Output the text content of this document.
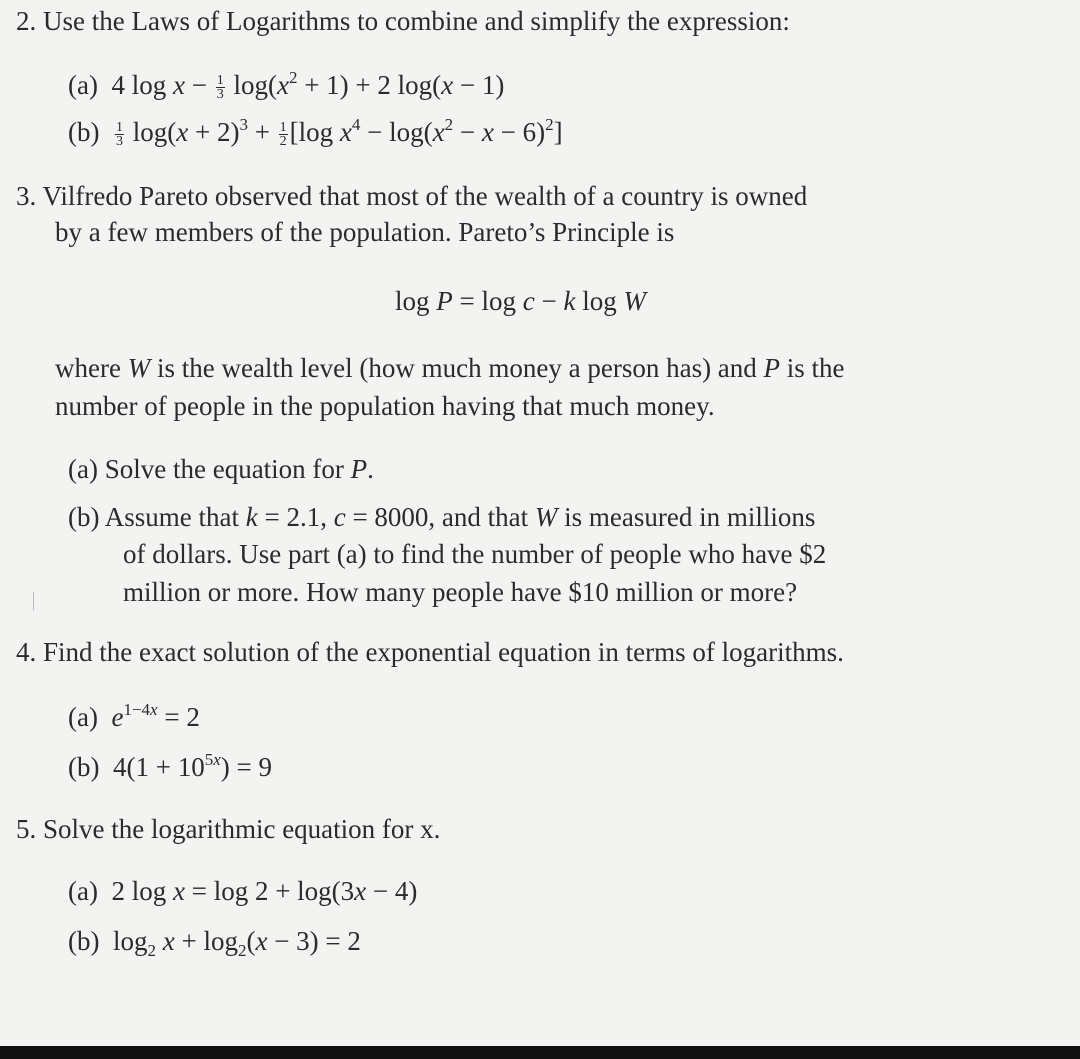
2. Use the Laws of Logarithms to combine and simplify the expression:
(a)  4 $\log x - \frac{1}{3} \log(x^2 + 1) + 2$ log(x − 1)
$(b) \frac{1}{3} \log(x + 2)^3 + \frac{1}{2} [\log$ $x^4 - \log(x^2 - x - 6)^2$]
3. Vilfredo Pareto observed that most of the wealth of a country is owned
by a few members of the population. Pareto’s Principle is
log P = log c − k log W
where W is the wealth level (how much money a person has) and P is the
number of people in the population having that much money.
(a) Solve the equation for P.
(b) Assume that k = 2.1, c = 8000, and that W is measured in millions
of dollars. Use part (a) to find the number of people who have $2
million or more. How many people have $10 million or more?
4. Find the exact solution of the exponential equation in terms of logarithms.
(a) $e^{1-4x} = 2$
(b)  $4(1 + 10^{5x}) = 9$
5. Solve the logarithmic equation for x.
(a)  2 log x = log 2 + log(3x − 4)
(b)  $\log_2 x + \log_2(x - 3) = 2$
